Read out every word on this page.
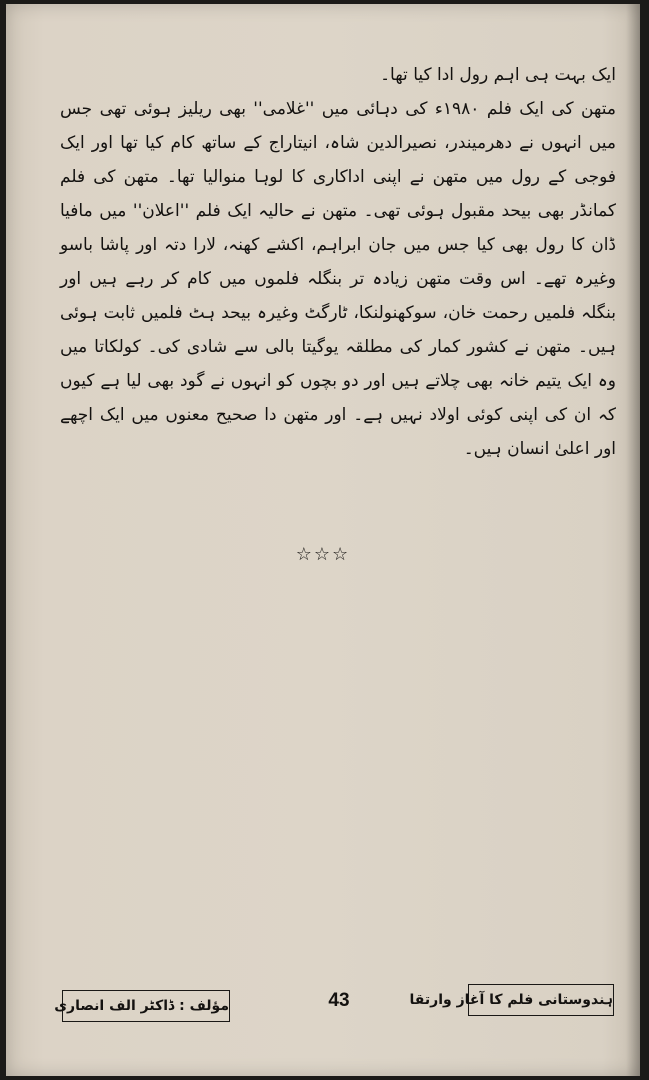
ایک بہت ہی اہم رول ادا کیا تھا۔

متھن کی ایک فلم ۱۹۸۰ء کی دہائی میں ''غلامی'' بھی ریلیز ہوئی تھی جس میں انہوں نے دھرمیندر، نصیرالدین شاہ، انیتاراج کے ساتھ کام کیا تھا اور ایک فوجی کے رول میں متھن نے اپنی اداکاری کا لوہا منوالیا تھا۔ متھن کی فلم کمانڈر بھی بیحد مقبول ہوئی تھی۔ متھن نے حالیہ ایک فلم ''اعلان'' میں مافیا ڈان کا رول بھی کیا جس میں جان ابراہم، اکشے کھنہ، لارا دتہ اور پاشا باسو وغیرہ تھے۔ اس وقت متھن زیادہ تر بنگلہ فلموں میں کام کر رہے ہیں اور بنگلہ فلمیں رحمت خان، سوکھنولنکا، ٹارگٹ وغیرہ بیحد ہٹ فلمیں ثابت ہوئی ہیں۔ متھن نے کشور کمار کی مطلقہ یوگیتا بالی سے شادی کی۔ کولکاتا میں وہ ایک یتیم خانہ بھی چلاتے ہیں اور دو بچوں کو انہوں نے گود بھی لیا ہے کیوں کہ ان کی اپنی کوئی اولاد نہیں ہے۔ اور متھن دا صحیح معنوں میں ایک اچھے اور اعلیٰ انسان ہیں۔

☆☆☆
مؤلف : ڈاکٹر الف انصاری	43	ہندوستانی فلم کا آغاز وارتقا
